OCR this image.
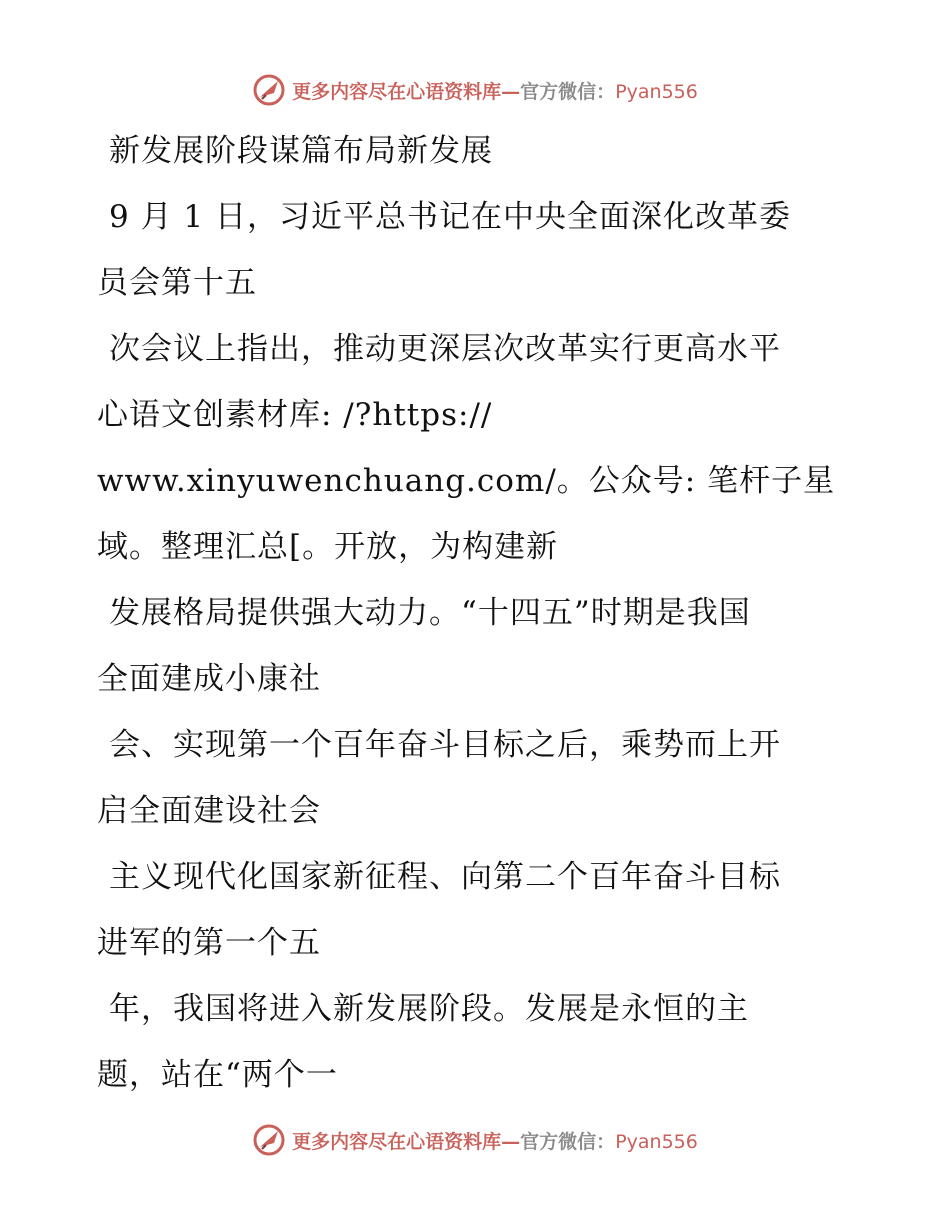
更多内容尽在心语资料库—官方微信：Pyan556
新发展阶段谋篇布局新发展
9 月 1 日，习近平总书记在中央全面深化改革委
员会第十五
次会议上指出，推动更深层次改革实行更高水平
心语文创素材库: /?https://
www.xinyuwenchuang.com/。公众号: 笔杆子星
域。整理汇总[。开放，为构建新
发展格局提供强大动力。“十四五”时期是我国
全面建成小康社
会、实现第一个百年奋斗目标之后，乘势而上开
启全面建设社会
主义现代化国家新征程、向第二个百年奋斗目标
进军的第一个五
年，我国将进入新发展阶段。发展是永恒的主
题，站在“两个一
更多内容尽在心语资料库—官方微信：Pyan556
